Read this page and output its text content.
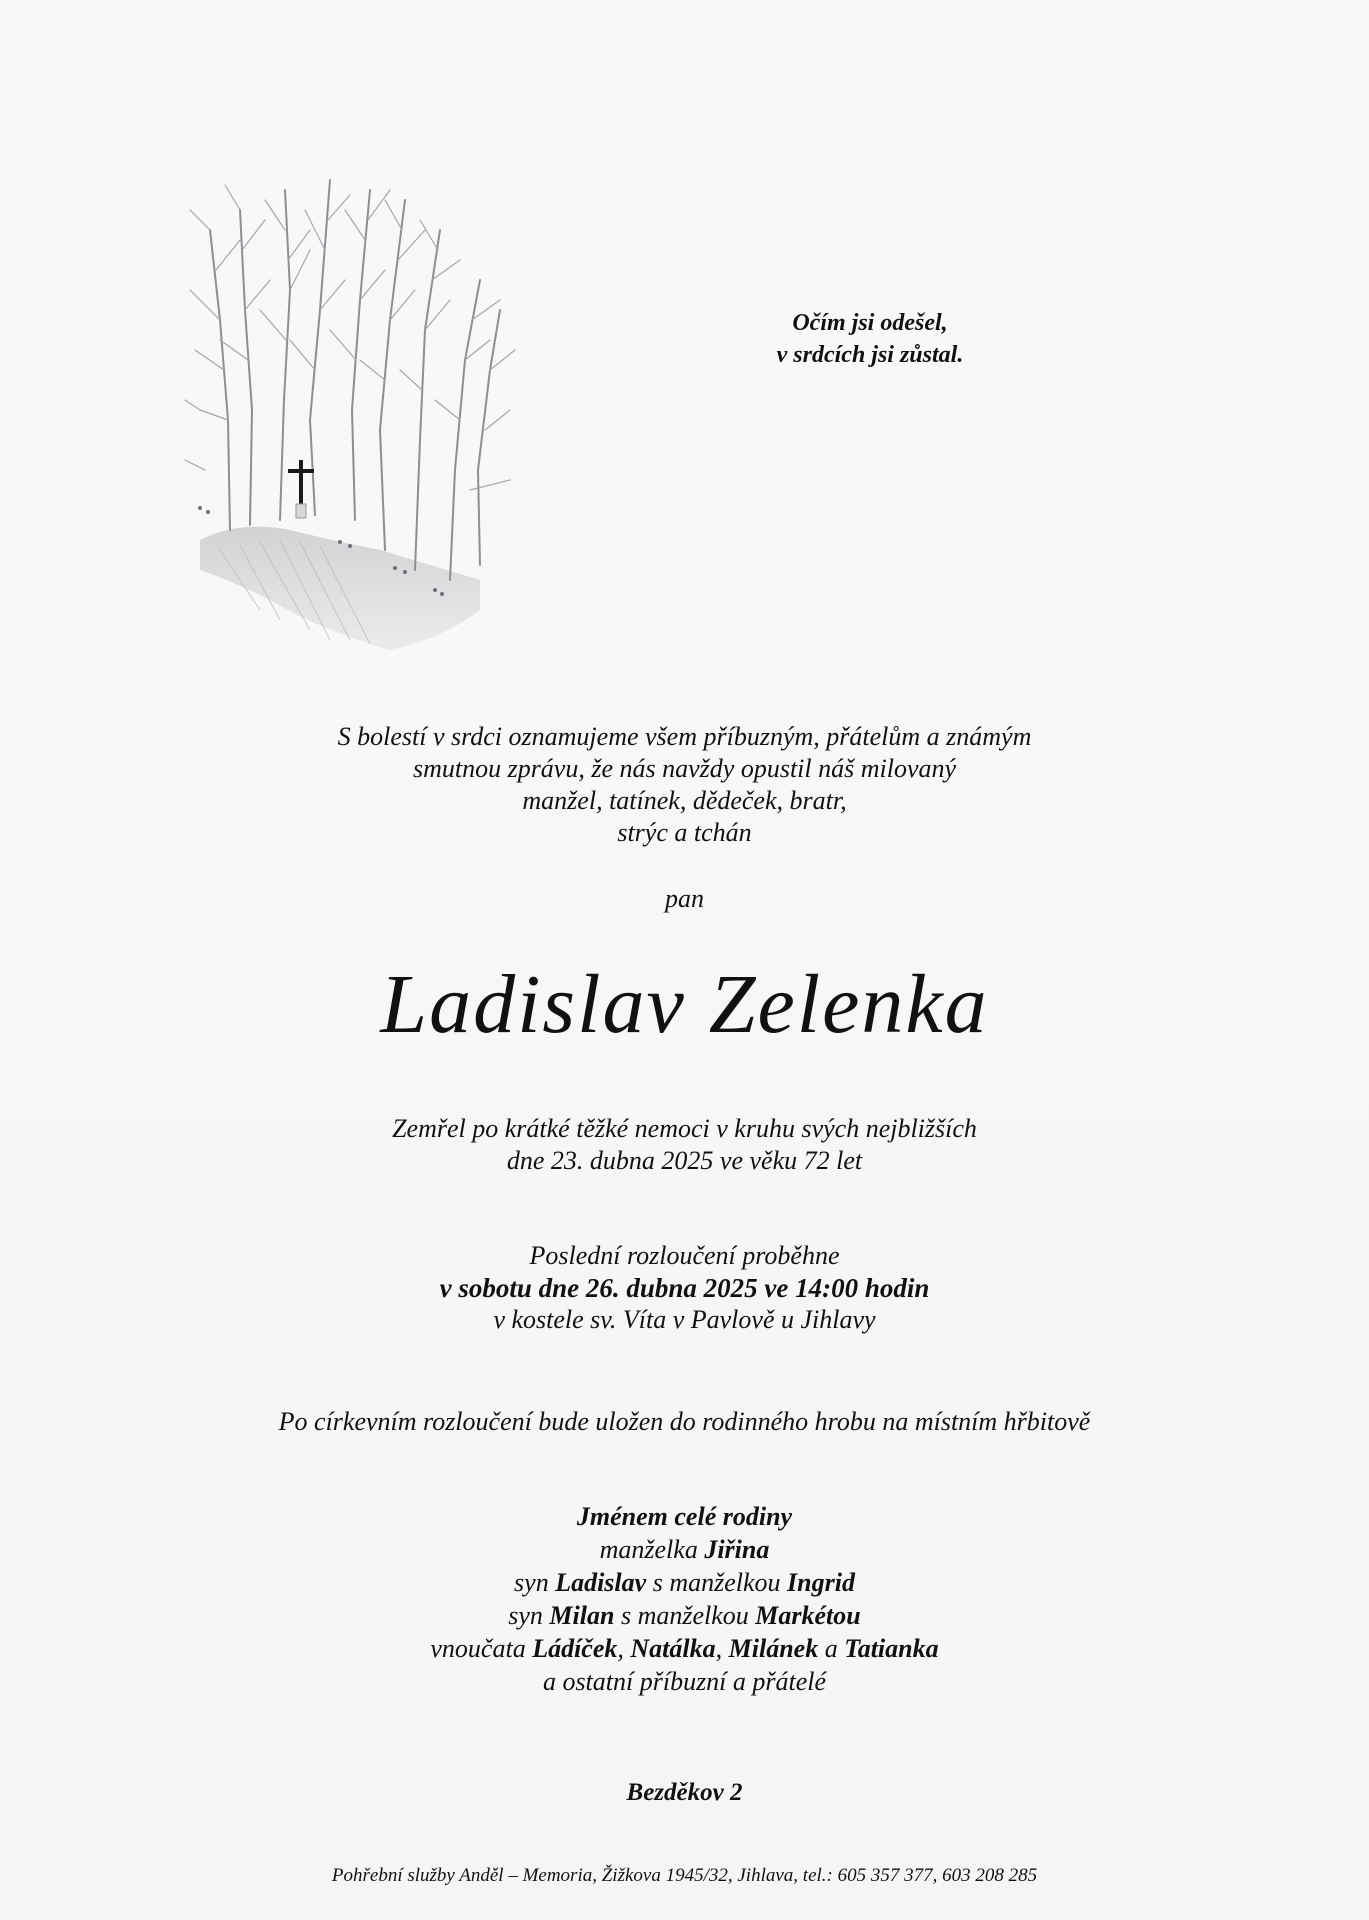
Očím jsi odešel,
v srdcích jsi zůstal.
S bolestí v srdci oznamujeme všem příbuzným, přátelům a známým
smutnou zprávu, že nás navždy opustil náš milovaný
manžel, tatínek, dědeček, bratr,
strýc a tchán
pan
Ladislav Zelenka
Zemřel po krátké těžké nemoci v kruhu svých nejbližších
dne 23. dubna 2025 ve věku 72 let
Poslední rozloučení proběhne
v sobotu dne 26. dubna 2025 ve 14:00 hodin
v kostele sv. Víta v Pavlově u Jihlavy
Po církevním rozloučení bude uložen do rodinného hrobu na místním hřbitově
Jménem celé rodiny
manželka Jiřina
syn Ladislav s manželkou Ingrid
syn Milan s manželkou Markétou
vnoučata Ládíček, Natálka, Milánek a Tatianka
a ostatní příbuzní a přátelé
Bezděkov 2
Pohřební služby Anděl – Memoria, Žižkova 1945/32, Jihlava, tel.: 605 357 377, 603 208 285
